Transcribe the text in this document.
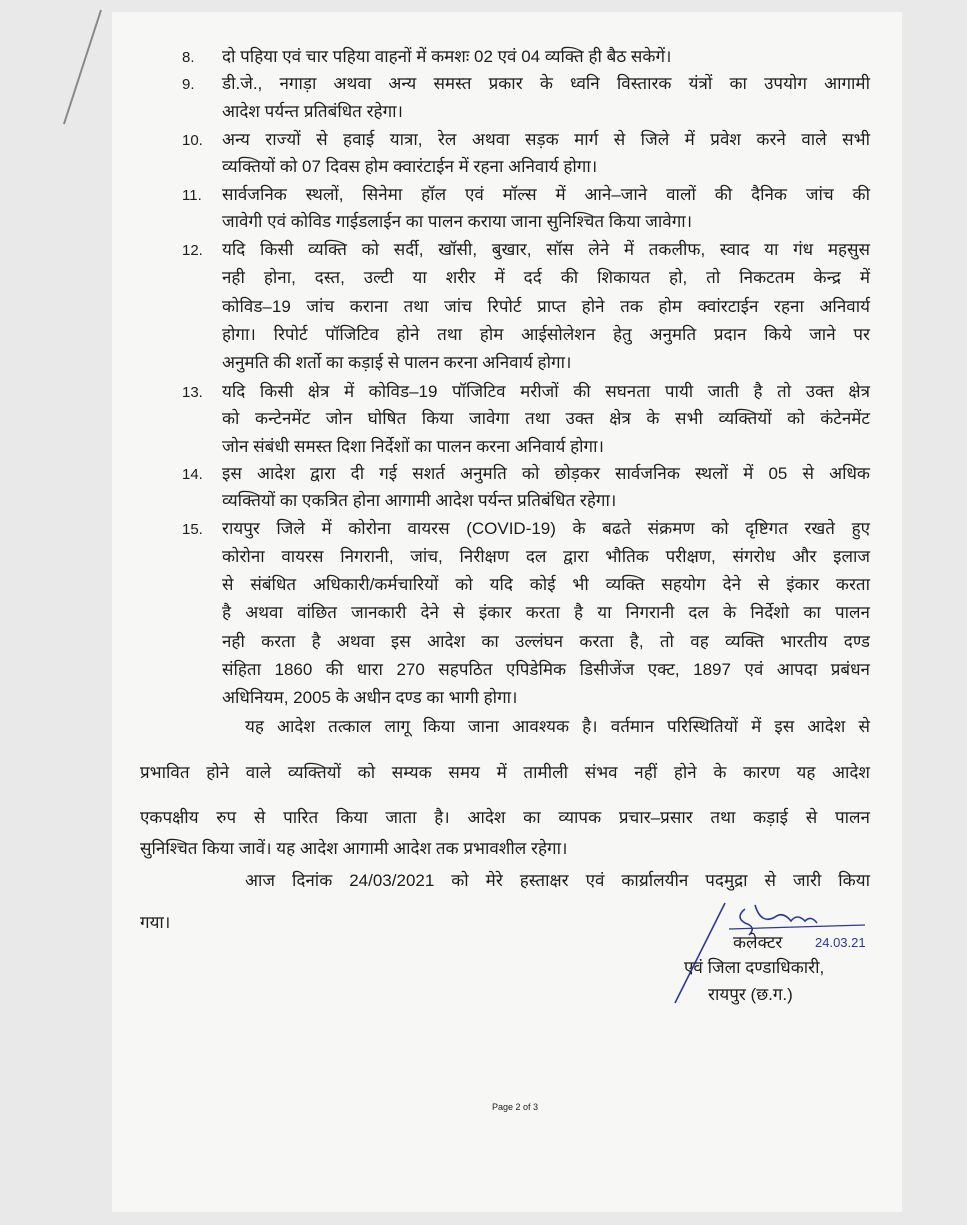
8. दो पहिया एवं चार पहिया वाहनों में कमशः 02 एवं 04 व्यक्ति ही बैठ सकेगें।
9. डी.जे., नगाड़ा अथवा अन्य समस्त प्रकार के ध्वनि विस्तारक यंत्रों का उपयोग आगामी
आदेश पर्यन्त प्रतिबंधित रहेगा।
10. अन्य राज्यों से हवाई यात्रा, रेल अथवा सड़क मार्ग से जिले में प्रवेश करने वाले सभी
व्यक्तियों को 07 दिवस होम क्वारंटाईन में रहना अनिवार्य होगा।
11. सार्वजनिक स्थलों, सिनेमा हॉल एवं मॉल्स में आने–जाने वालों की दैनिक जांच की
जावेगी एवं कोविड गाईडलाईन का पालन कराया जाना सुनिश्चित किया जावेगा।
12. यदि किसी व्यक्ति को सर्दी, खॉसी, बुखार, सॉस लेने में तकलीफ, स्वाद या गंध महसुस
नही होना, दस्त, उल्टी या शरीर में दर्द की शिकायत हो, तो निकटतम केन्द्र में
कोविड–19 जांच कराना तथा जांच रिपोर्ट प्राप्त होने तक होम क्वांरटाईन रहना अनिवार्य
होगा। रिपोर्ट पॉजिटिव होने तथा होम आईसोलेशन हेतु अनुमति प्रदान किये जाने पर
अनुमति की शर्तो का कड़ाई से पालन करना अनिवार्य होगा।
13. यदि किसी क्षेत्र में कोविड–19 पॉजिटिव मरीजों की सघनता पायी जाती है तो उक्त क्षेत्र
को कन्टेनमेंट जोन घोषित किया जावेगा तथा उक्त क्षेत्र के सभी व्यक्तियों को कंटेनमेंट
जोन संबंधी समस्त दिशा निर्देशों का पालन करना अनिवार्य होगा।
14. इस आदेश द्वारा दी गई सशर्त अनुमति को छोड़कर सार्वजनिक स्थलों में 05 से अधिक
व्यक्तियों का एकत्रित होना आगामी आदेश पर्यन्त प्रतिबंधित रहेगा।
15. रायपुर जिले में कोरोना वायरस (COVID-19) के बढते संक्रमण को दृष्टिगत रखते हुए
कोरोना वायरस निगरानी, जांच, निरीक्षण दल द्वारा भौतिक परीक्षण, संगरोध और इलाज
से संबंधित अधिकारी/कर्मचारियों को यदि कोई भी व्यक्ति सहयोग देने से इंकार करता
है अथवा वांछित जानकारी देने से इंकार करता है या निगरानी दल के निर्देशो का पालन
नही करता है अथवा इस आदेश का उल्लंघन करता है, तो वह व्यक्ति भारतीय दण्ड
संहिता 1860 की धारा 270 सहपठित एपिडेमिक डिसीजेंज एक्ट, 1897 एवं आपदा प्रबंधन
अधिनियम, 2005 के अधीन दण्ड का भागी होगा।
यह आदेश तत्काल लागू किया जाना आवश्यक है। वर्तमान परिस्थितियों में इस आदेश से
प्रभावित होने वाले व्यक्तियों को सम्यक समय में तामीली संभव नहीं होने के कारण यह आदेश
एकपक्षीय रुप से पारित किया जाता है। आदेश का व्यापक प्रचार–प्रसार तथा कड़ाई से पालन
सुनिश्चित किया जावें। यह आदेश आगामी आदेश तक प्रभावशील रहेगा।
आज दिनांक 24/03/2021 को मेरे हस्ताक्षर एवं कार्य्रालयीन पदमुद्रा से जारी किया
गया।
24.03.21
कलेक्टर
एवं जिला दण्डाधिकारी,
रायपुर (छ.ग.)
Page 2 of 3
